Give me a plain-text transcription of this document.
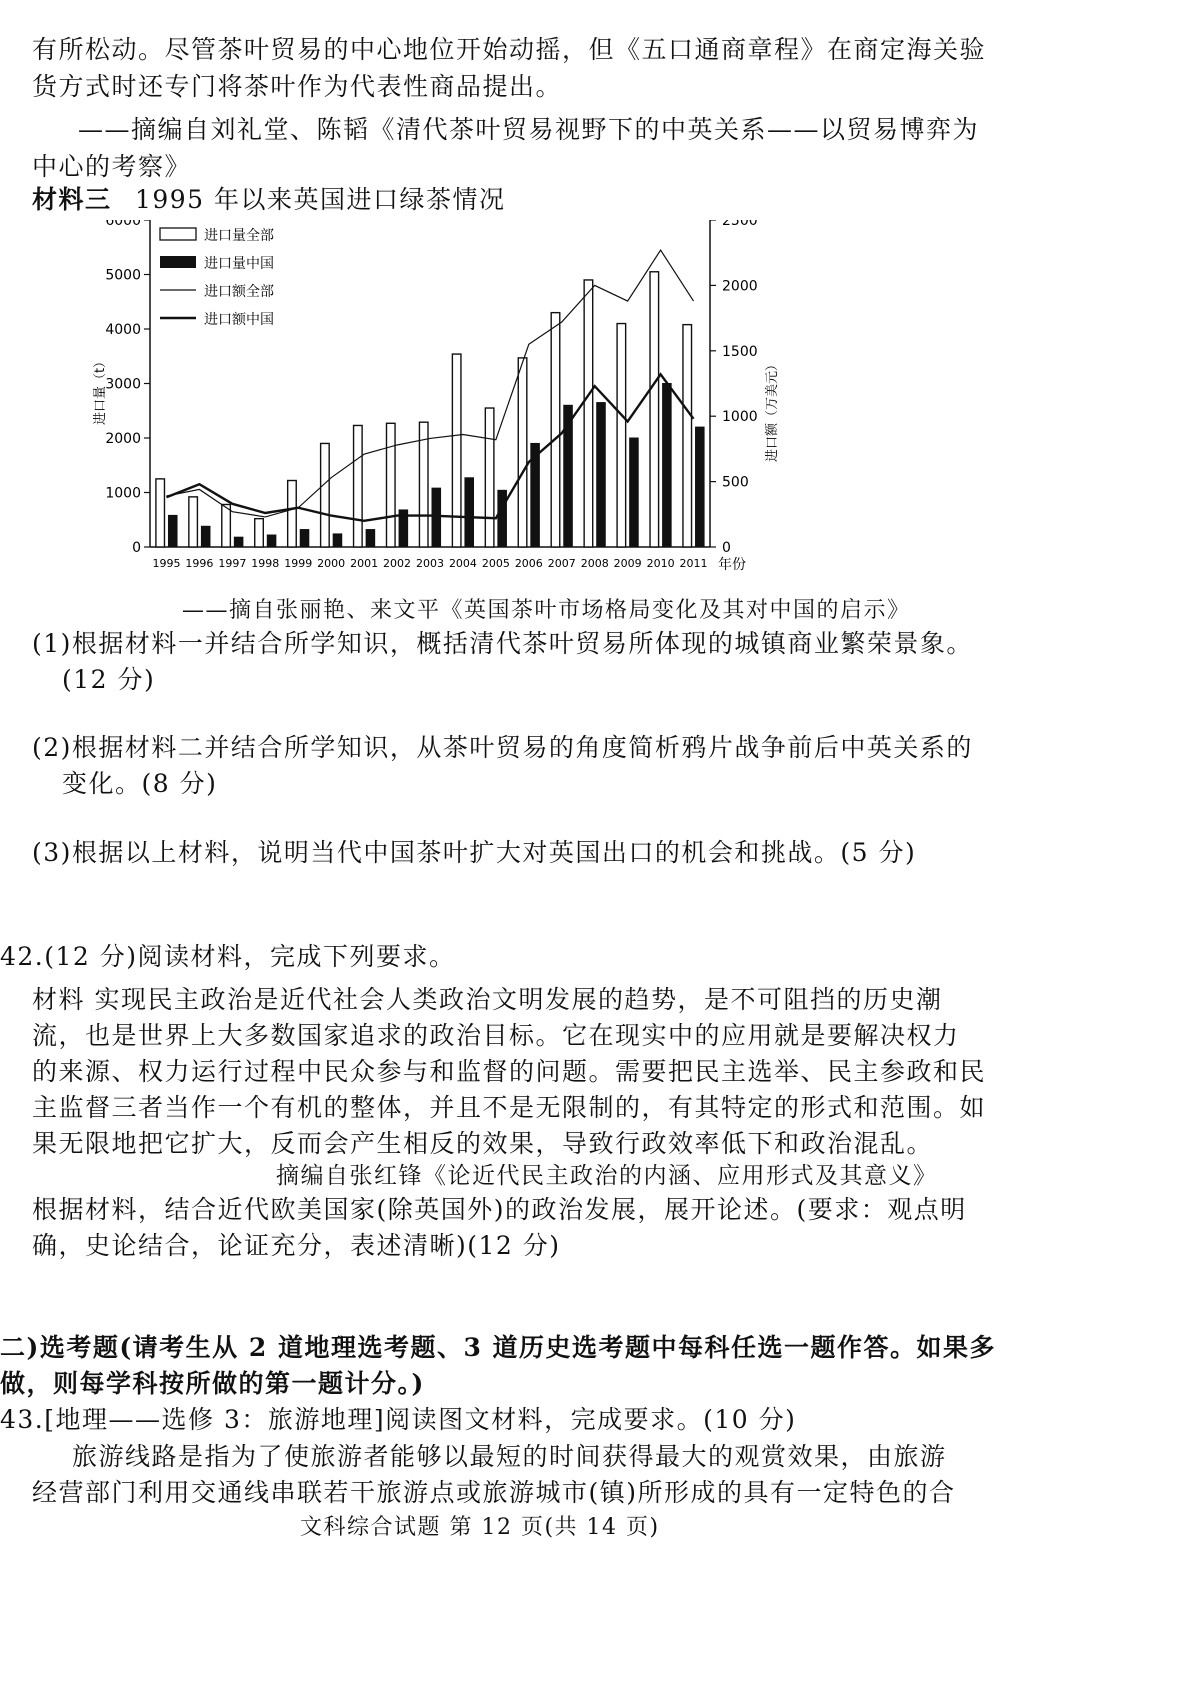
有所松动。尽管茶叶贸易的中心地位开始动摇，但《五口通商章程》在商定海关验
货方式时还专门将茶叶作为代表性商品提出。
——摘编自刘礼堂、陈韬《清代茶叶贸易视野下的中英关系——以贸易博弈为
中心的考察》
材料三 1995 年以来英国进口绿茶情况
0
1000
2000
3000
4000
5000
6000
0
500
1000
1500
2000
2500
进口量（t）	进口额（万美元）
1995 1996 1997 1998 1999 2000 2001 2002 2003 2004 2005 2006 2007 2008 2009 2010 2011 年份
进口量全部
进口量中国
进口额全部
进口额中国
——摘自张丽艳、来文平《英国茶叶市场格局变化及其对中国的启示》
(1)根据材料一并结合所学知识，概括清代茶叶贸易所体现的城镇商业繁荣景象。
(12 分)
(2)根据材料二并结合所学知识，从茶叶贸易的角度简析鸦片战争前后中英关系的
变化。(8 分)
(3)根据以上材料，说明当代中国茶叶扩大对英国出口的机会和挑战。(5 分)
42.(12 分)阅读材料，完成下列要求。
材料 实现民主政治是近代社会人类政治文明发展的趋势，是不可阻挡的历史潮
流，也是世界上大多数国家追求的政治目标。它在现实中的应用就是要解决权力
的来源、权力运行过程中民众参与和监督的问题。需要把民主选举、民主参政和民
主监督三者当作一个有机的整体，并且不是无限制的，有其特定的形式和范围。如
果无限地把它扩大，反而会产生相反的效果，导致行政效率低下和政治混乱。
摘编自张红锋《论近代民主政治的内涵、应用形式及其意义》
根据材料，结合近代欧美国家(除英国外)的政治发展，展开论述。(要求：观点明
确，史论结合，论证充分，表述清晰)(12 分)
二)选考题(请考生从 2 道地理选考题、3 道历史选考题中每科任选一题作答。如果多
做，则每学科按所做的第一题计分。)
43.[地理——选修 3：旅游地理]阅读图文材料，完成要求。(10 分)
旅游线路是指为了使旅游者能够以最短的时间获得最大的观赏效果，由旅游
经营部门利用交通线串联若干旅游点或旅游城市(镇)所形成的具有一定特色的合
文科综合试题 第 12 页(共 14 页)
